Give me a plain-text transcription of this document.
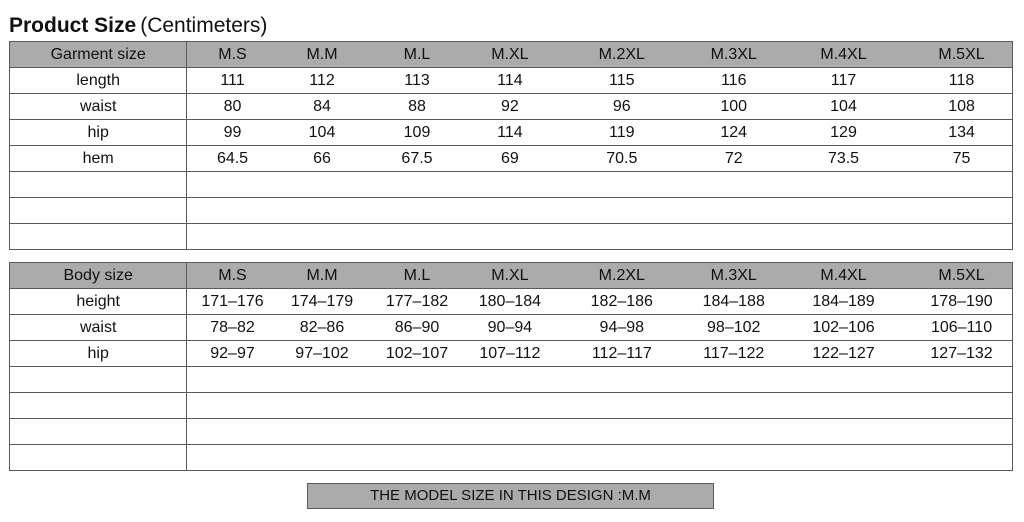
Product Size (Centimeters)
Garment size	M.S	M.M	M.L	M.XL	M.2XL	M.3XL	M.4XL	M.5XL
length	111	112	113	114	115	116	117	118
waist	80	84	88	92	96	100	104	108
hip	99	104	109	114	119	124	129	134
hem	64.5	66	67.5	69	70.5	72	73.5	75

Body size	M.S	M.M	M.L	M.XL	M.2XL	M.3XL	M.4XL	M.5XL
height	171–176	174–179	177–182	180–184	182–186	184–188	184–189	178–190
waist	78–82	82–86	86–90	90–94	94–98	98–102	102–106	106–110
hip	92–97	97–102	102–107	107–112	112–117	117–122	122–127	127–132

THE MODEL SIZE IN THIS DESIGN :M.M
